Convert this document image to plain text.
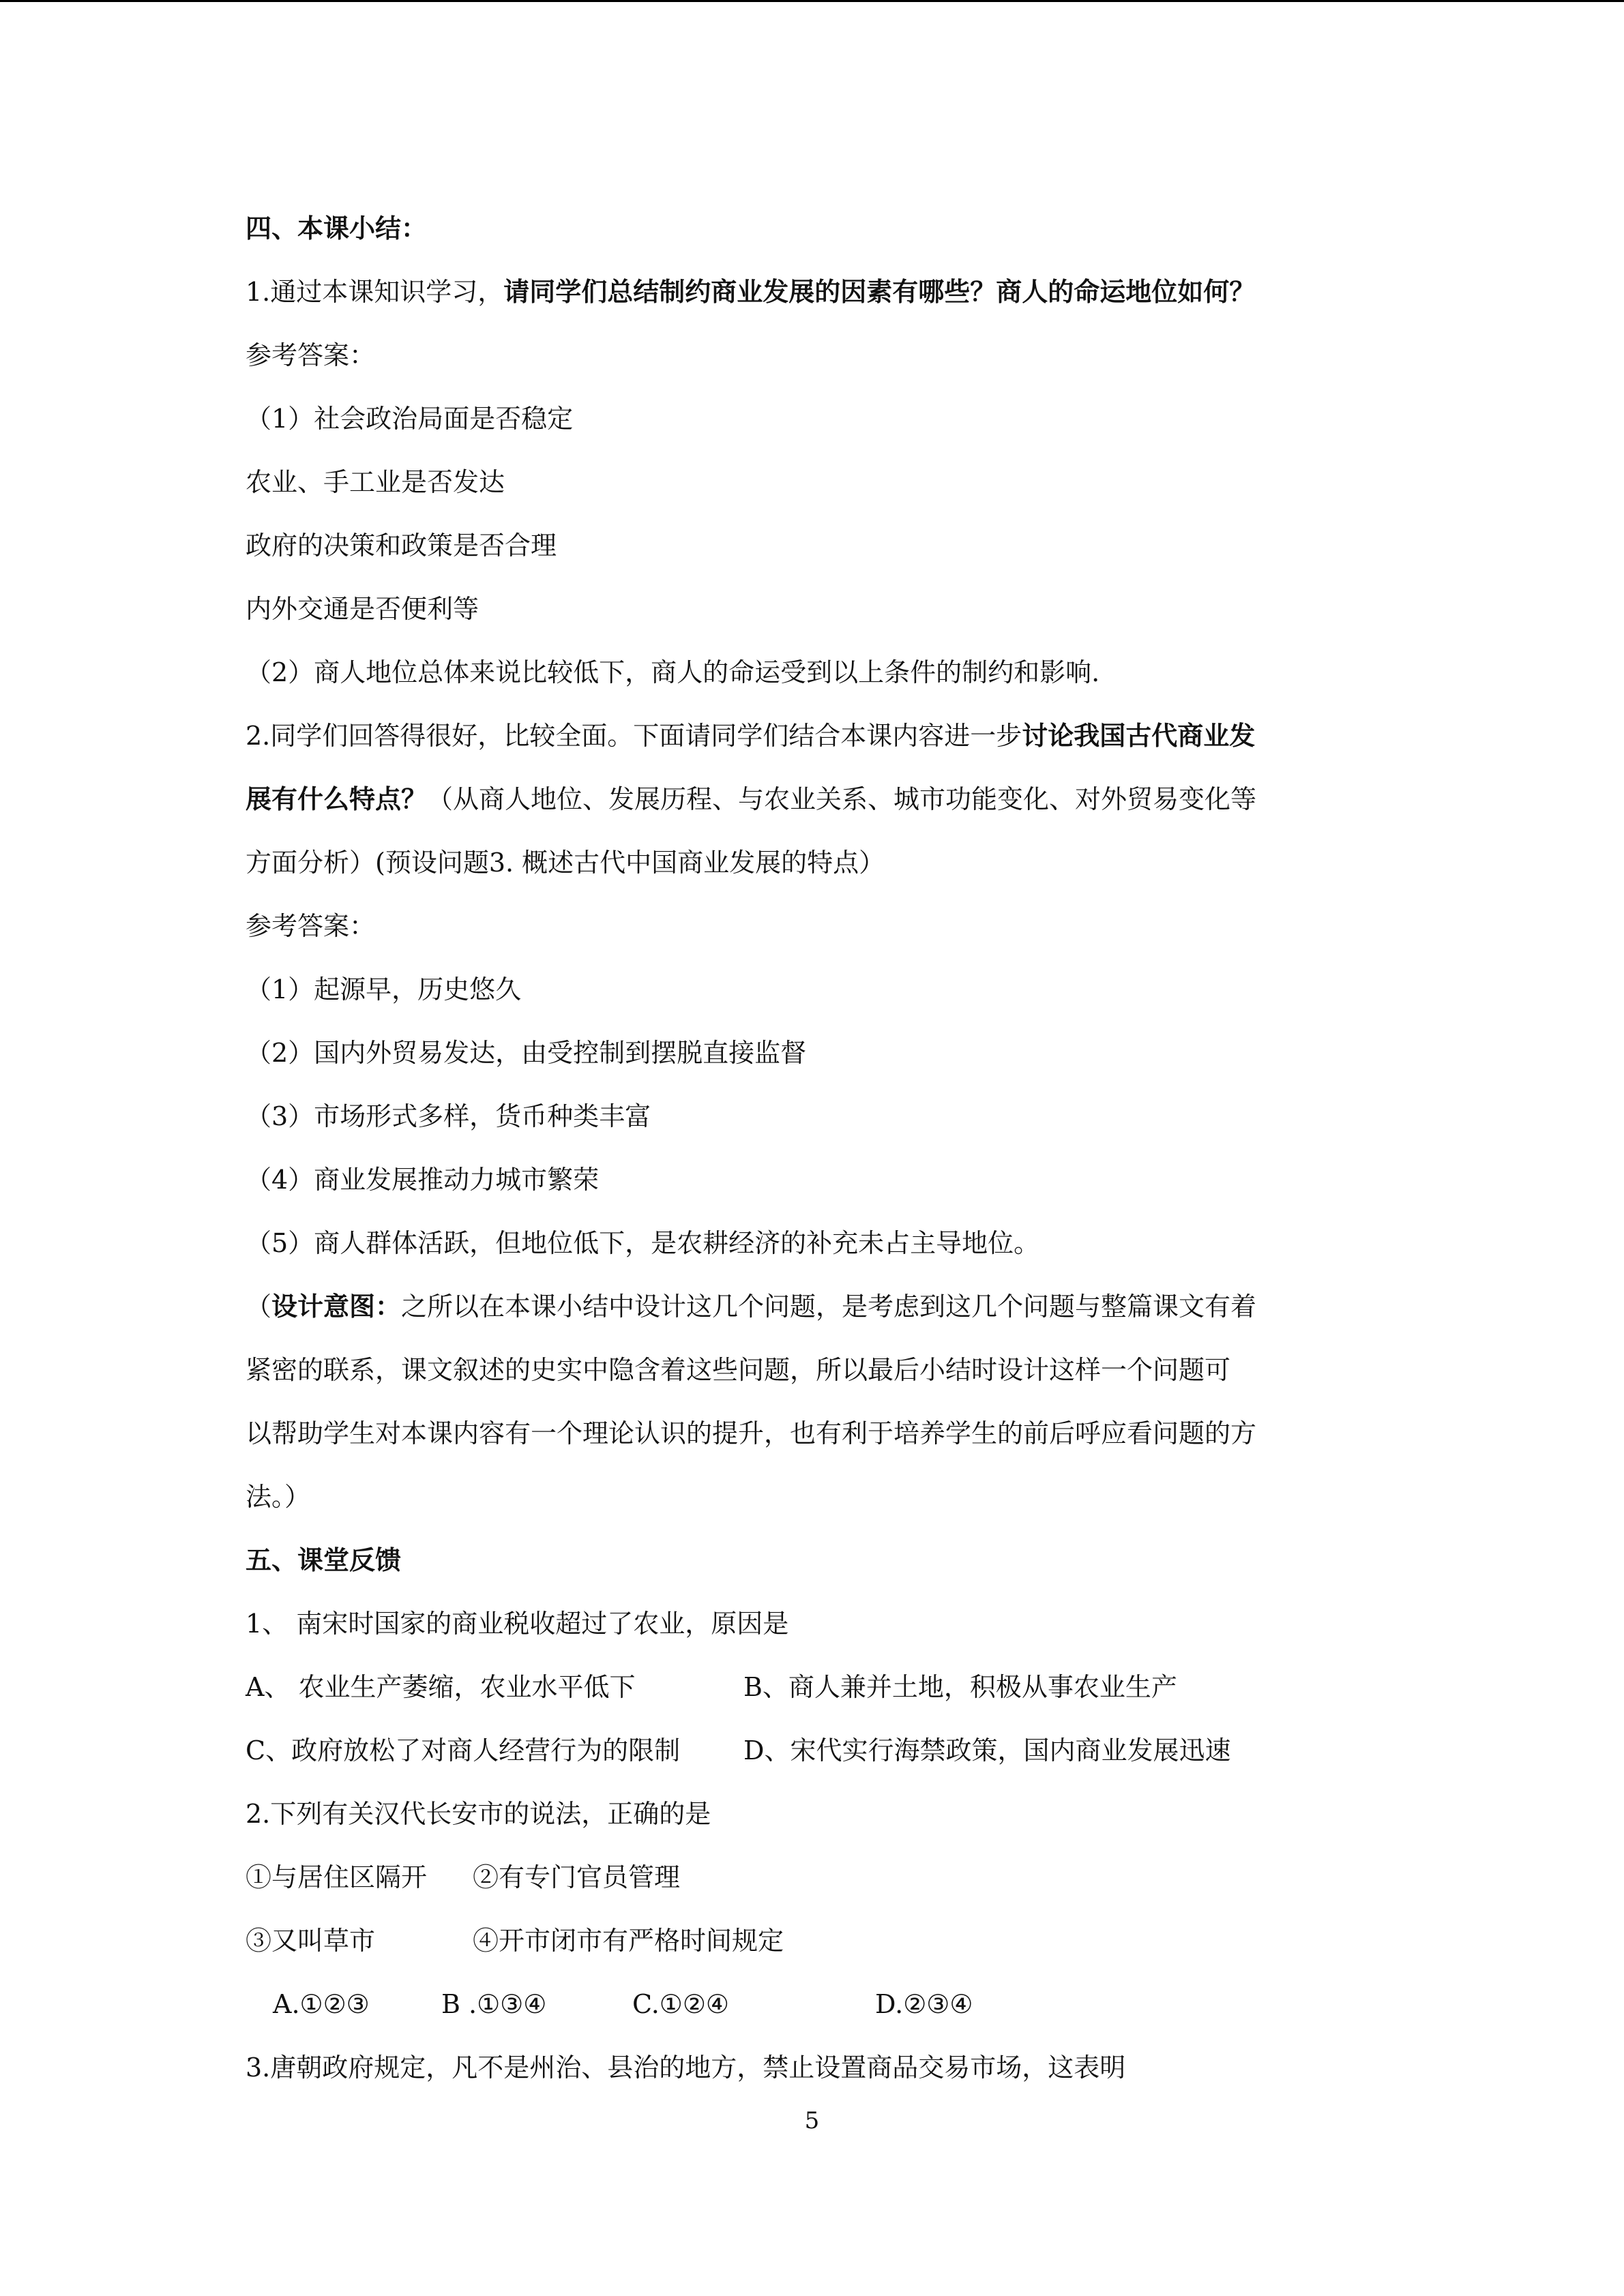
四、本课小结：
1.通过本课知识学习，请同学们总结制约商业发展的因素有哪些？商人的命运地位如何？
参考答案：
（1）社会政治局面是否稳定
农业、手工业是否发达
政府的决策和政策是否合理
内外交通是否便利等
（2）商人地位总体来说比较低下，商人的命运受到以上条件的制约和影响.
2.同学们回答得很好，比较全面。下面请同学们结合本课内容进一步讨论我国古代商业发
展有什么特点？（从商人地位、发展历程、与农业关系、城市功能变化、对外贸易变化等
方面分析）(预设问题3. 概述古代中国商业发展的特点）
参考答案：
（1）起源早，历史悠久
（2）国内外贸易发达，由受控制到摆脱直接监督
（3）市场形式多样，货币种类丰富
（4）商业发展推动力城市繁荣
（5）商人群体活跃，但地位低下，是农耕经济的补充未占主导地位。
（设计意图：之所以在本课小结中设计这几个问题，是考虑到这几个问题与整篇课文有着
紧密的联系，课文叙述的史实中隐含着这些问题，所以最后小结时设计这样一个问题可
以帮助学生对本课内容有一个理论认识的提升，也有利于培养学生的前后呼应看问题的方
法。）
五、课堂反馈
1、 南宋时国家的商业税收超过了农业，原因是
A、 农业生产萎缩，农业水平低下	B、商人兼并土地，积极从事农业生产
C、政府放松了对商人经营行为的限制 D、宋代实行海禁政策，国内商业发展迅速
2.下列有关汉代长安市的说法，正确的是
①与居住区隔开 ②有专门官员管理
③又叫草市	④开市闭市有严格时间规定
A.①②③	B .①③④	C.①②④	D.②③④
3.唐朝政府规定，凡不是州治、县治的地方，禁止设置商品交易市场，这表明
5
